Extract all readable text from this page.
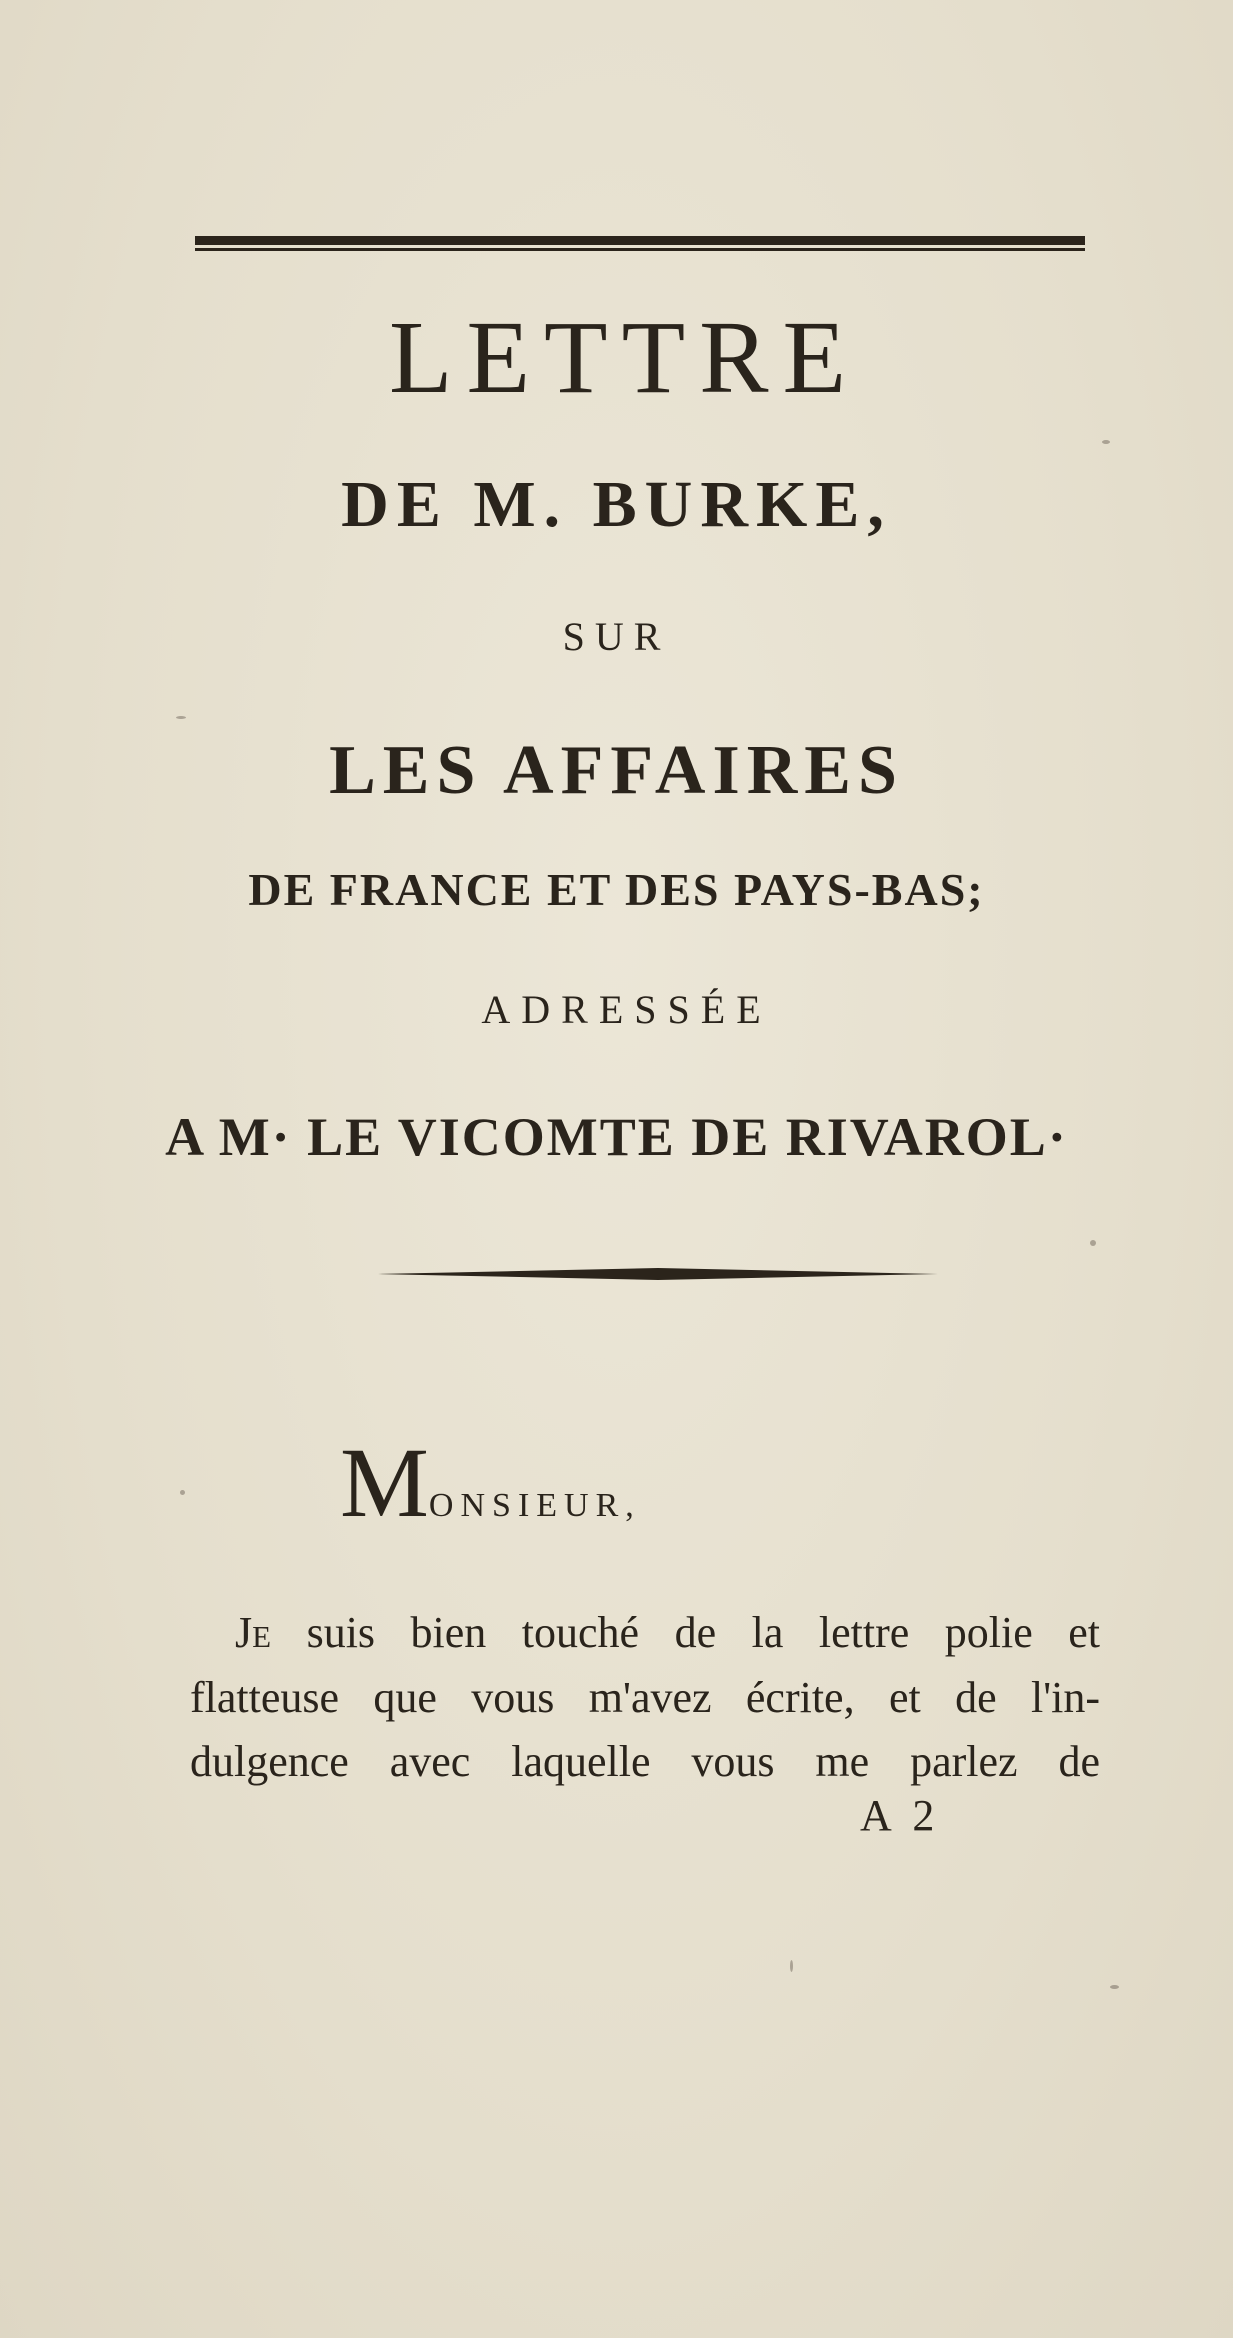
LETTRE
DE M. BURKE,
SUR
LES AFFAIRES
DE FRANCE ET DES PAYS-BAS;
ADRESSÉE
A M· LE VICOMTE DE RIVAROL·
MONSIEUR,
Je suis bien touché de la lettre polie et
flatteuse que vous m'avez écrite, et de l'in-
dulgence avec laquelle vous me parlez de
A 2
